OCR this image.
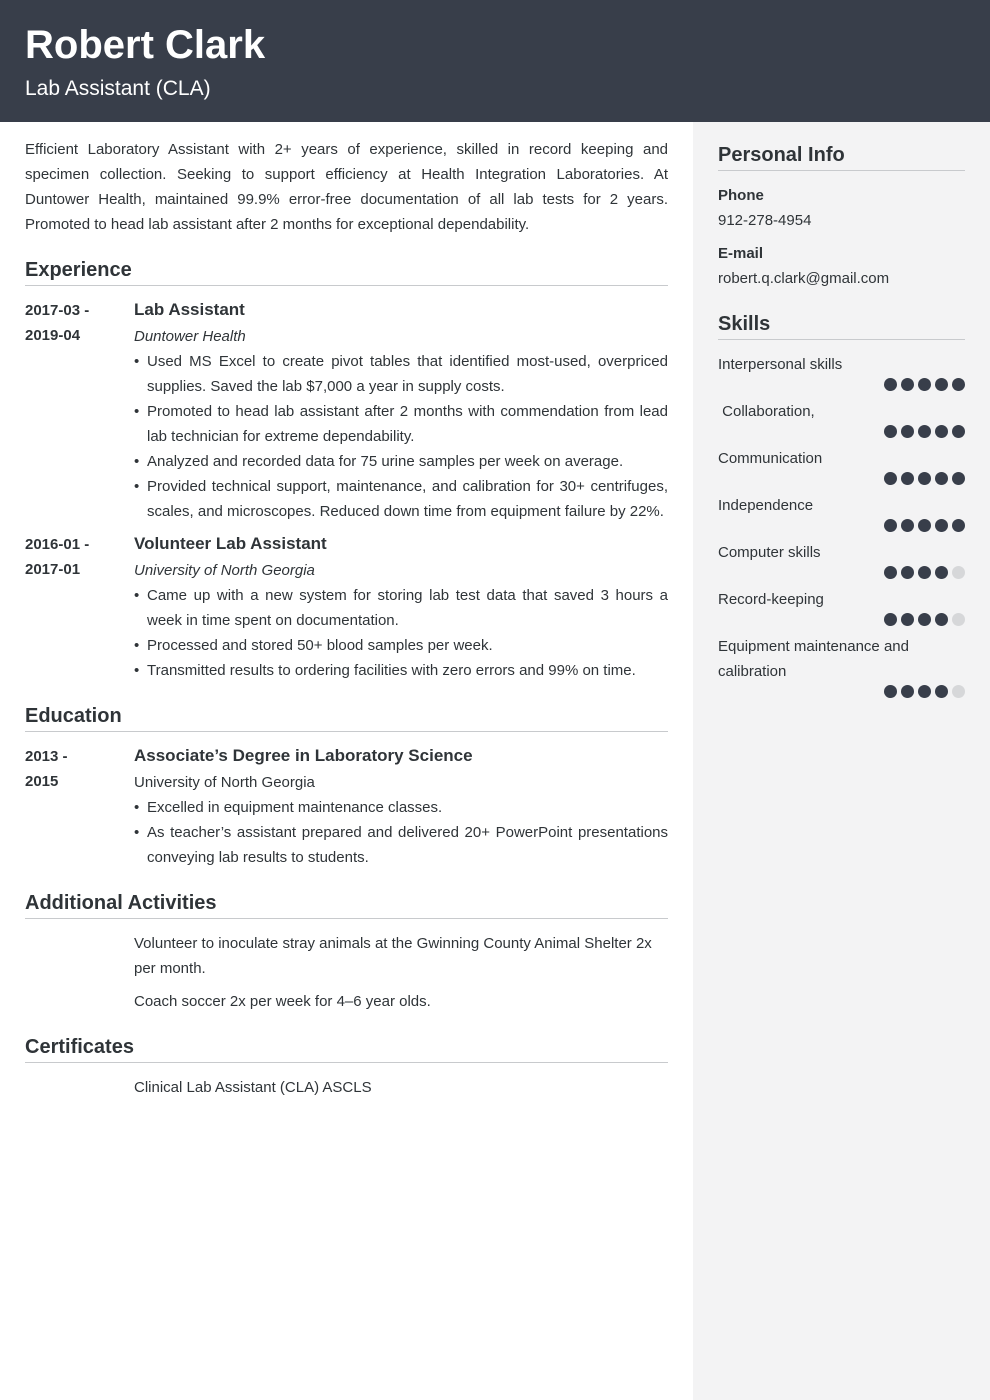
Robert Clark
Lab Assistant (CLA)

Efficient Laboratory Assistant with 2+ years of experience, skilled in record keeping and specimen collection. Seeking to support efficiency at Health Integration Laboratories. At Duntower Health, maintained 99.9% error-free documentation of all lab tests for 2 years. Promoted to head lab assistant after 2 months for exceptional dependability.

Experience
2017-03 -
2019-04
Lab Assistant
Duntower Health
• Used MS Excel to create pivot tables that identified most-used, overpriced supplies. Saved the lab $7,000 a year in supply costs.
• Promoted to head lab assistant after 2 months with commendation from lead lab technician for extreme dependability.
• Analyzed and recorded data for 75 urine samples per week on average.
• Provided technical support, maintenance, and calibration for 30+ centrifuges, scales, and microscopes. Reduced down time from equipment failure by 22%.
2016-01 -
2017-01
Volunteer Lab Assistant
University of North Georgia
• Came up with a new system for storing lab test data that saved 3 hours a week in time spent on documentation.
• Processed and stored 50+ blood samples per week.
• Transmitted results to ordering facilities with zero errors and 99% on time.
Education
2013 -
2015
Associate’s Degree in Laboratory Science
University of North Georgia
• Excelled in equipment maintenance classes.
• As teacher’s assistant prepared and delivered 20+ PowerPoint presentations conveying lab results to students.
Additional Activities
Volunteer to inoculate stray animals at the Gwinning County Animal Shelter 2x per month.
Coach soccer 2x per week for 4–6 year olds.
Certificates
Clinical Lab Assistant (CLA) ASCLS
Personal Info
Phone
912-278-4954
E-mail
robert.q.clark@gmail.com
Skills
Interpersonal skills
Collaboration,
Communication
Independence
Computer skills
Record-keeping
Equipment maintenance and calibration
